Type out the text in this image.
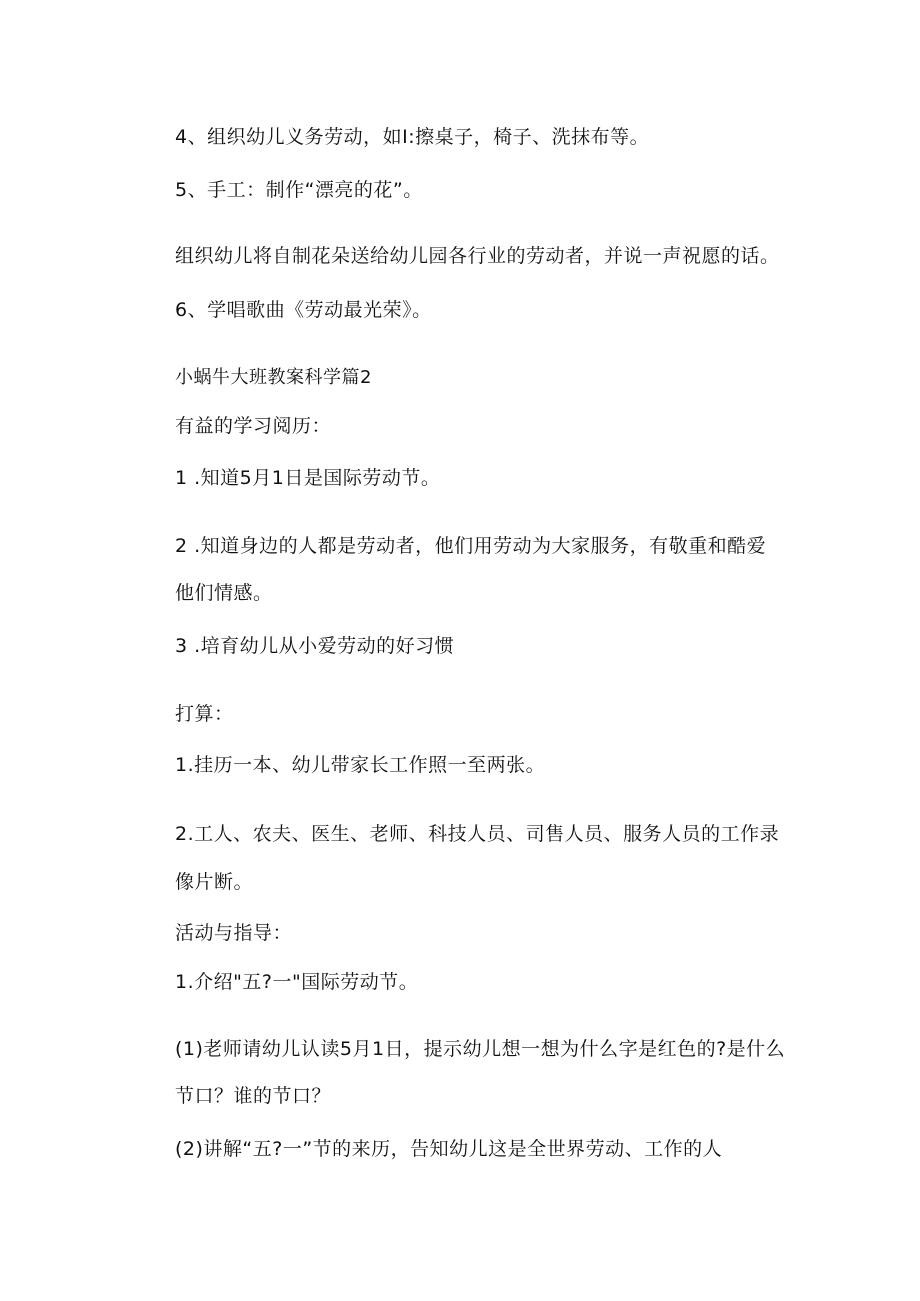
4、组织幼儿义务劳动，如I:擦桌子，椅子、洗抹布等。
5、手工：制作“漂亮的花”。
组织幼儿将自制花朵送给幼儿园各行业的劳动者，并说一声祝愿的话。
6、学唱歌曲《劳动最光荣》。
小蜗牛大班教案科学篇2
有益的学习阅历：
1 .知道5月1日是国际劳动节。
2 .知道身边的人都是劳动者，他们用劳动为大家服务，有敬重和酷爱
他们情感。
3 .培育幼儿从小爱劳动的好习惯
打算：
1.挂历一本、幼儿带家长工作照一至两张。
2.工人、农夫、医生、老师、科技人员、司售人员、服务人员的工作录
像片断。
活动与指导：
1.介绍"五?一"国际劳动节。
(1)老师请幼儿认读5月1日，提示幼儿想一想为什么字是红色的?是什么
节口？谁的节口？
(2)讲解“五?一”节的来历，告知幼儿这是全世界劳动、工作的人
